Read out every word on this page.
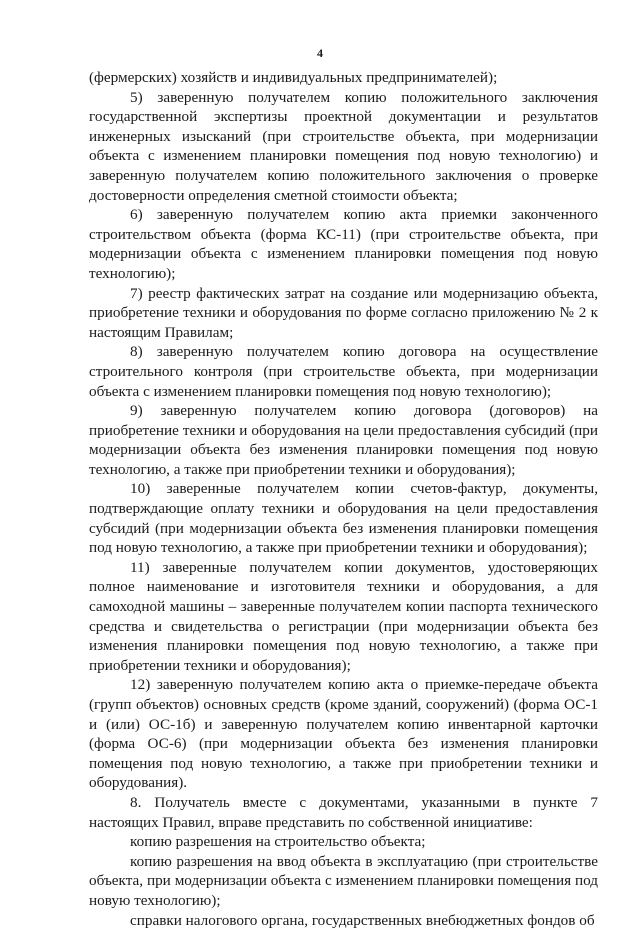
4

(фермерских) хозяйств и индивидуальных предпринимателей);

5) заверенную получателем копию положительного заключения государственной экспертизы проектной документации и результатов инженерных изысканий (при строительстве объекта, при модернизации объекта с изменением планировки помещения под новую технологию) и заверенную получателем копию положительного заключения о проверке достоверности определения сметной стоимости объекта;

6) заверенную получателем копию акта приемки законченного строительством объекта (форма КС-11) (при строительстве объекта, при модернизации объекта с изменением планировки помещения под новую технологию);

7) реестр фактических затрат на создание или модернизацию объекта, приобретение техники и оборудования по форме согласно приложению № 2 к настоящим Правилам;

8) заверенную получателем копию договора на осуществление строительного контроля (при строительстве объекта, при модернизации объекта с изменением планировки помещения под новую технологию);

9) заверенную получателем копию договора (договоров) на приобретение техники и оборудования на цели предоставления субсидий (при модернизации объекта без изменения планировки помещения под новую технологию, а также при приобретении техники и оборудования);

10) заверенные получателем копии счетов-фактур, документы, подтверждающие оплату техники и оборудования на цели предоставления субсидий (при модернизации объекта без изменения планировки помещения под новую технологию, а также при приобретении техники и оборудования);

11) заверенные получателем копии документов, удостоверяющих полное наименование и изготовителя техники и оборудования, а для самоходной машины – заверенные получателем копии паспорта технического средства и свидетельства о регистрации (при модернизации объекта без изменения планировки помещения под новую технологию, а также при приобретении техники и оборудования);

12) заверенную получателем копию акта о приемке-передаче объекта (групп объектов) основных средств (кроме зданий, сооружений) (форма ОС-1 и (или) ОС-1б) и заверенную получателем копию инвентарной карточки (форма ОС-6) (при модернизации объекта без изменения планировки помещения под новую технологию, а также при приобретении техники и оборудования).

8. Получатель вместе с документами, указанными в пункте 7 настоящих Правил, вправе представить по собственной инициативе:

копию разрешения на строительство объекта;

копию разрешения на ввод объекта в эксплуатацию (при строительстве объекта, при модернизации объекта с изменением планировки помещения под новую технологию);

справки налогового органа, государственных внебюджетных фондов об
